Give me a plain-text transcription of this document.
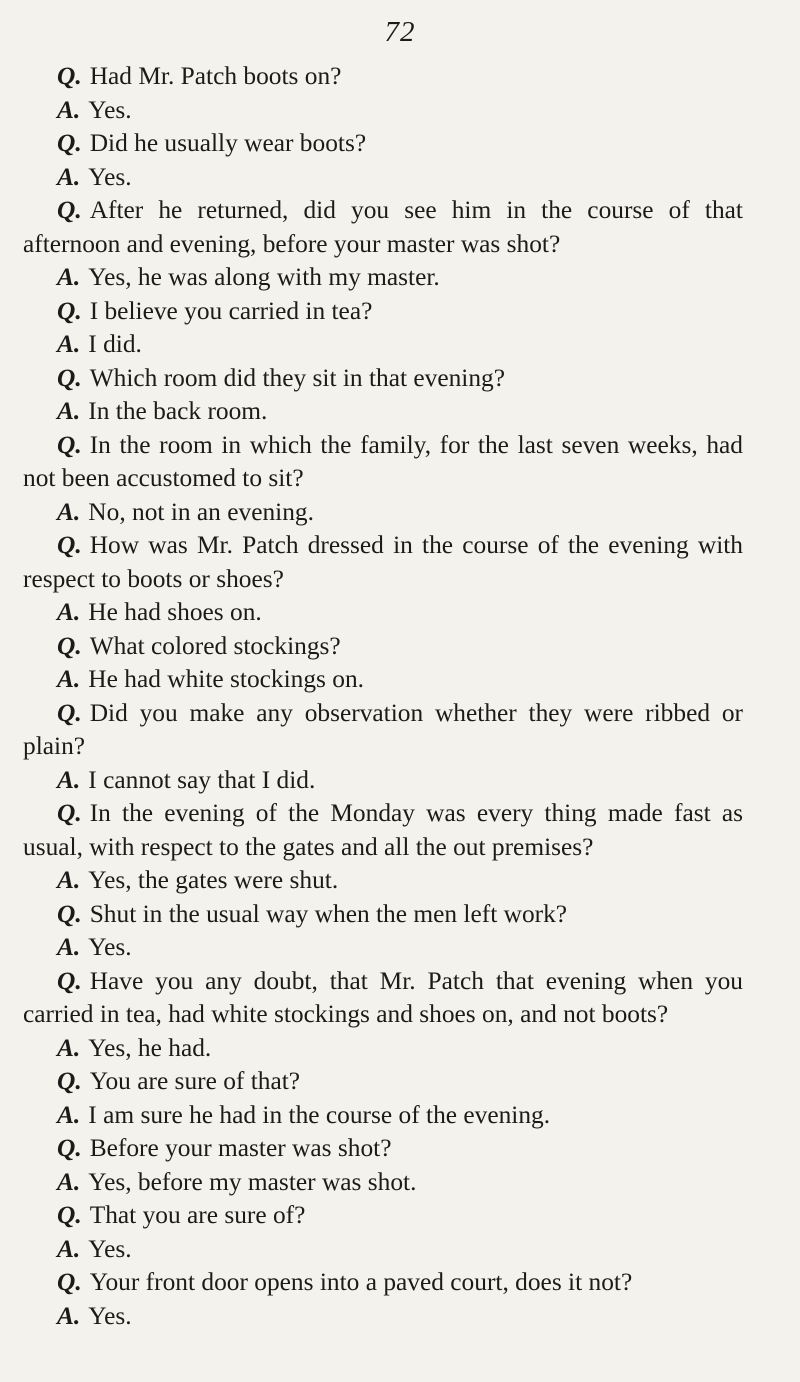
72

Q. Had Mr. Patch boots on?

A. Yes.

Q. Did he usually wear boots?

A. Yes.

Q. After he returned, did you see him in the course of that afternoon and evening, before your master was shot?

A. Yes, he was along with my master.

Q. I believe you carried in tea?

A. I did.

Q. Which room did they sit in that evening?

A. In the back room.

Q. In the room in which the family, for the last seven weeks, had not been accustomed to sit?

A. No, not in an evening.

Q. How was Mr. Patch dressed in the course of the evening with respect to boots or shoes?

A. He had shoes on.

Q. What colored stockings?

A. He had white stockings on.

Q. Did you make any observation whether they were ribbed or plain?

A. I cannot say that I did.

Q. In the evening of the Monday was every thing made fast as usual, with respect to the gates and all the out premises?

A. Yes, the gates were shut.

Q. Shut in the usual way when the men left work?

A. Yes.

Q. Have you any doubt, that Mr. Patch that evening when you carried in tea, had white stockings and shoes on, and not boots?

A. Yes, he had.

Q. You are sure of that?

A. I am sure he had in the course of the evening.

Q. Before your master was shot?

A. Yes, before my master was shot.

Q. That you are sure of?

A. Yes.

Q. Your front door opens into a paved court, does it not?

A. Yes.
